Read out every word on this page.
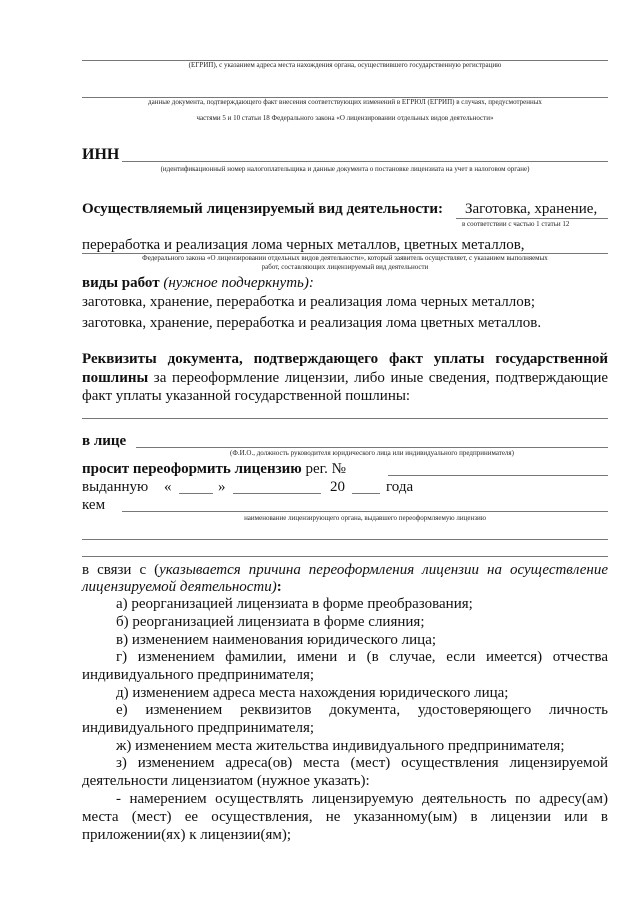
(ЕГРИП), с указанием адреса места нахождения органа, осуществившего государственную регистрацию
данные документа, подтверждающего факт внесения соответствующих изменений в ЕГРЮЛ (ЕГРИП) в случаях, предусмотренных
частями 5 и 10 статьи 18 Федерального закона «О лицензировании отдельных видов деятельности»
ИНН
(идентификационный номер налогоплательщика и данные документа о постановке лицензиата на учет в налоговом органе)
Осуществляемый лицензируемый вид деятельности: Заготовка, хранение,
в соответствии с частью 1 статьи 12
переработка и реализация лома черных металлов, цветных металлов,
Федерального закона «О лицензировании отдельных видов деятельности», который заявитель осуществляет, с указанием выполняемых
работ, составляющих лицензируемый вид деятельности
виды работ (нужное подчеркнуть):
заготовка, хранение, переработка и реализация лома черных металлов;
заготовка, хранение, переработка и реализация лома цветных металлов.
Реквизиты документа, подтверждающего факт уплаты государственной
пошлины за переоформление лицензии, либо иные сведения, подтверждающие
факт уплаты указанной государственной пошлины:
в лице
(Ф.И.О., должность руководителя юридического лица или индивидуального предпринимателя)
просит переоформить лицензию рег. №
выданную «	»	20	года
кем
наименование лицензирующего органа, выдавшего переоформляемую лицензию
в связи с (указывается причина переоформления лицензии на осуществление
лицензируемой деятельности):
а) реорганизацией лицензиата в форме преобразования;
б) реорганизацией лицензиата в форме слияния;
в) изменением наименования юридического лица;
г) изменением фамилии, имени и (в случае, если имеется) отчества
индивидуального предпринимателя;
д) изменением адреса места нахождения юридического лица;
е) изменением реквизитов документа, удостоверяющего личность
индивидуального предпринимателя;
ж) изменением места жительства индивидуального предпринимателя;
з) изменением адреса(ов) места (мест) осуществления лицензируемой
деятельности лицензиатом (нужное указать):
- намерением осуществлять лицензируемую деятельность по адресу(ам)
места (мест) ее осуществления, не указанному(ым) в лицензии или в
приложении(ях) к лицензии(ям);
